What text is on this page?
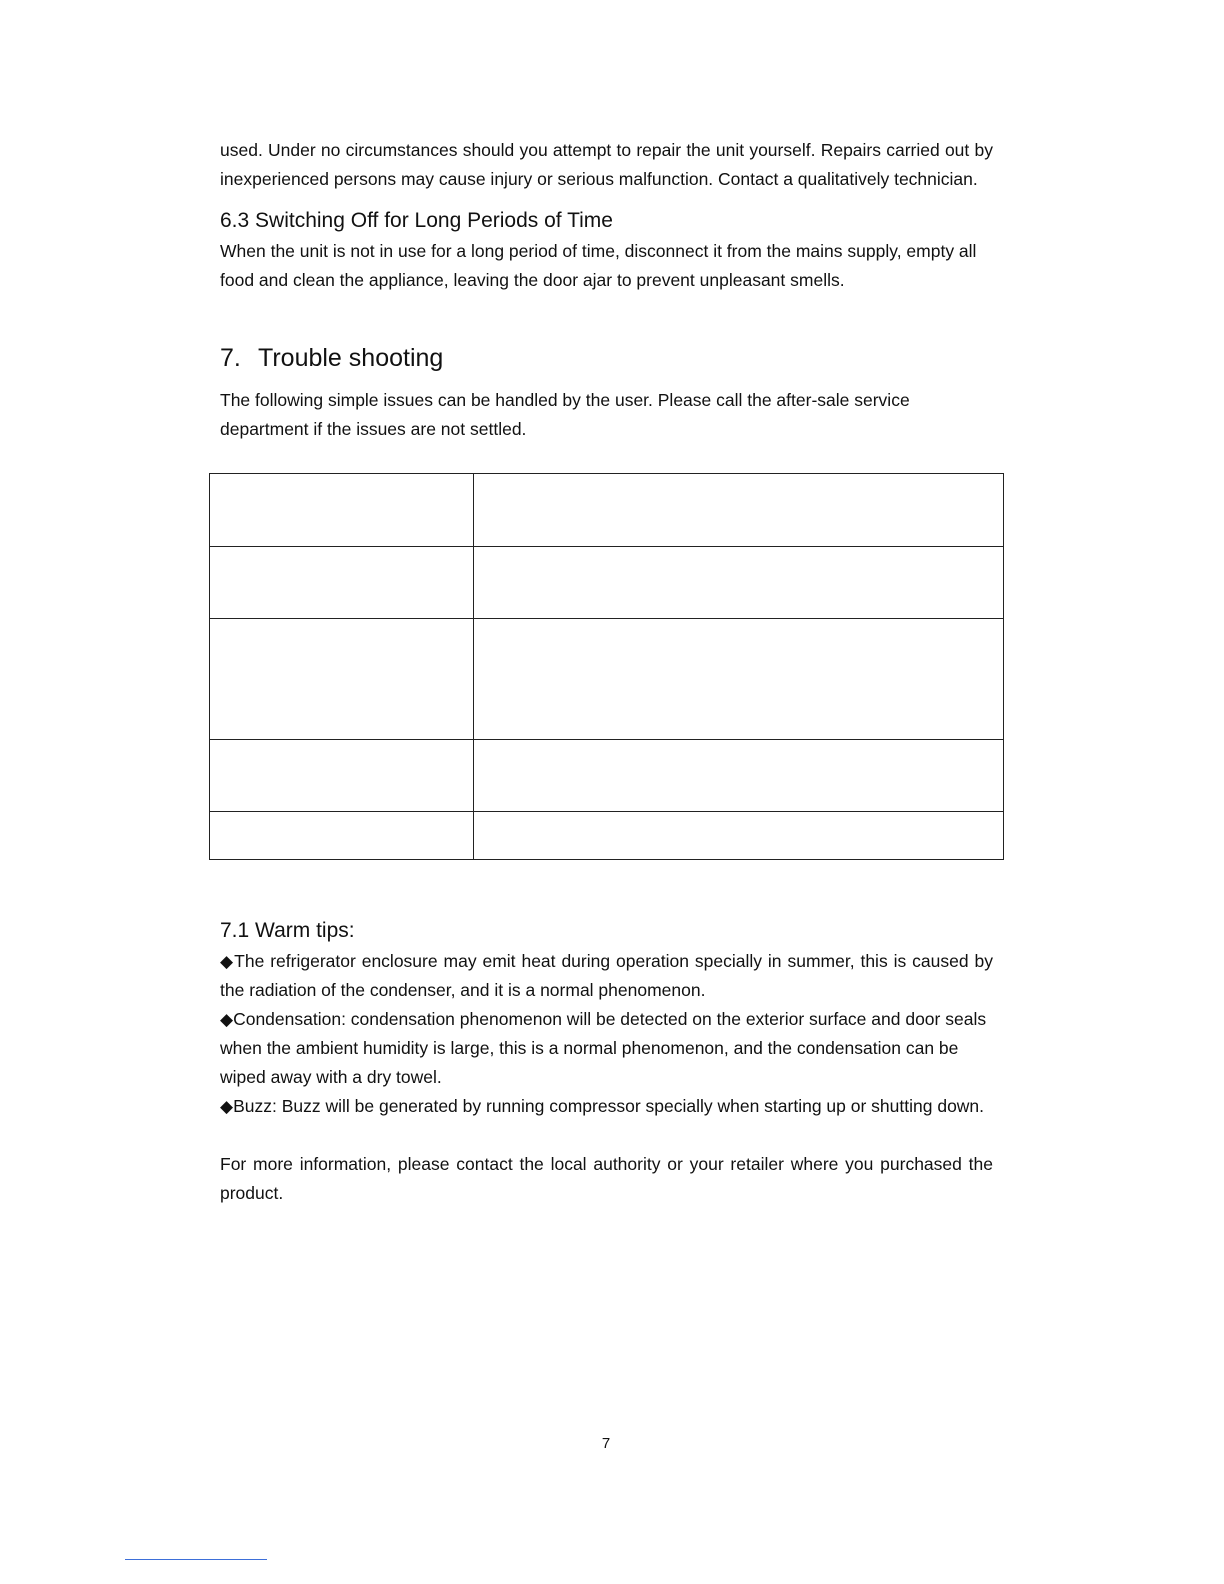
used. Under no circumstances should you attempt to repair the unit yourself. Repairs carried out by inexperienced persons may cause injury or serious malfunction. Contact a qualitatively technician.

6.3 Switching Off for Long Periods of Time

When the unit is not in use for a long period of time, disconnect it from the mains supply, empty all food and clean the appliance, leaving the door ajar to prevent unpleasant smells.

7. Trouble shooting

The following simple issues can be handled by the user. Please call the after-sale service

department if the issues are not settled.

7.1 Warm tips:

◆The refrigerator enclosure may emit heat during operation specially in summer, this is caused by the radiation of the condenser, and it is a normal phenomenon.

◆Condensation: condensation phenomenon will be detected on the exterior surface and door seals when the ambient humidity is large, this is a normal phenomenon, and the condensation can be wiped away with a dry towel.

◆Buzz: Buzz will be generated by running compressor specially when starting up or shutting down.

For more information, please contact the local authority or your retailer where you purchased the product.

7
